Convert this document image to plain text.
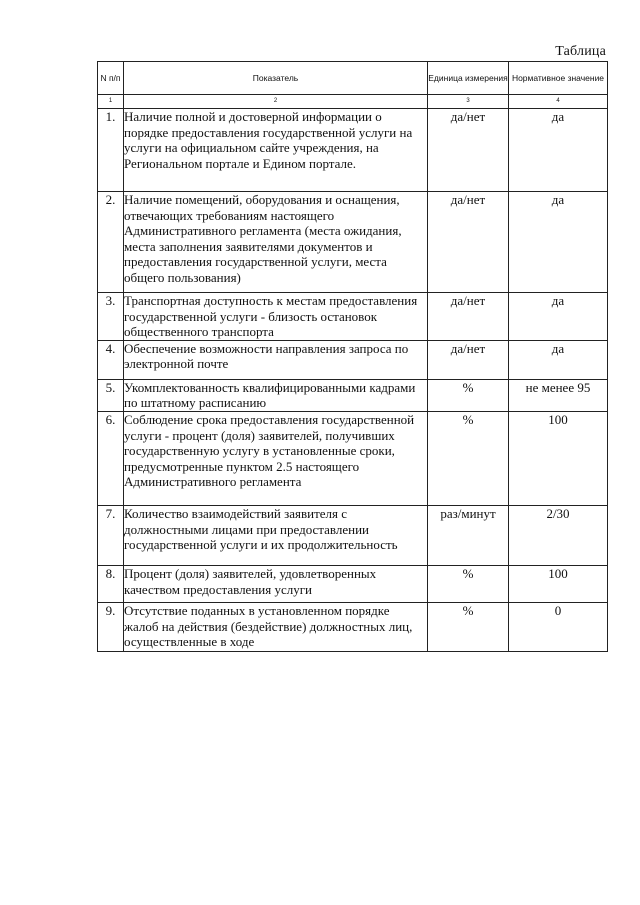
Таблица
N п/п	Показатель	Единица измерения	Нормативное значение
1	2	3	4
1.	Наличие полной и достоверной информации о порядке предоставления государственной услуги на услуги на официальном сайте учреждения, на Региональном портале и Едином портале.	да/нет	да
2.	Наличие помещений, оборудования и оснащения, отвечающих требованиям настоящего Административного регламента (места ожидания, места заполнения заявителями документов и предоставления государственной услуги, места общего пользования)	да/нет	да
3.	Транспортная доступность к местам предоставления государственной услуги - близость остановок общественного транспорта	да/нет	да
4.	Обеспечение возможности направления запроса по электронной почте	да/нет	да
5.	Укомплектованность квалифицированными кадрами по штатному расписанию	%	не менее 95
6.	Соблюдение срока предоставления государственной услуги - процент (доля) заявителей, получивших государственную услугу в установленные сроки, предусмотренные пунктом 2.5 настоящего Административного регламента	%	100
7.	Количество взаимодействий заявителя с должностными лицами при предоставлении государственной услуги и их продолжительность	раз/минут	2/30
8.	Процент (доля) заявителей, удовлетворенных качеством предоставления услуги	%	100
9.	Отсутствие поданных в установленном порядке жалоб на действия (бездействие) должностных лиц, осуществленные в ходе	%	0
